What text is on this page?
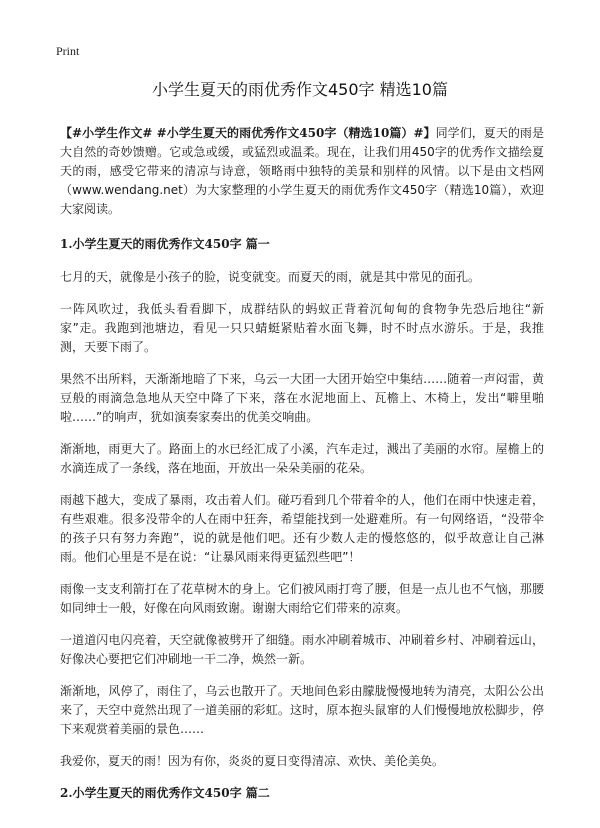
Print
小学生夏天的雨优秀作文450字 精选10篇

【#小学生作文# #小学生夏天的雨优秀作文450字（精选10篇）#】同学们，夏天的雨是大自然的奇妙馈赠。它或急或缓，或猛烈或温柔。现在，让我们用450字的优秀作文描绘夏天的雨，感受它带来的清凉与诗意，领略雨中独特的美景和别样的风情。以下是由文档网（www.wendang.net）为大家整理的小学生夏天的雨优秀作文450字（精选10篇），欢迎大家阅读。

1.小学生夏天的雨优秀作文450字 篇一

七月的天，就像是小孩子的脸，说变就变。而夏天的雨，就是其中常见的面孔。

一阵风吹过，我低头看看脚下，成群结队的蚂蚁正背着沉甸甸的食物争先恐后地往“新家”走。我跑到池塘边，看见一只只蜻蜓紧贴着水面飞舞，时不时点水游乐。于是，我推测，天要下雨了。

果然不出所料，天渐渐地暗了下来，乌云一大团一大团开始空中集结……随着一声闷雷，黄豆般的雨滴急急地从天空中降了下来，落在水泥地面上、瓦檐上、木椅上，发出“噼里啪啦……”的响声，犹如演奏家奏出的优美交响曲。

渐渐地，雨更大了。路面上的水已经汇成了小溪，汽车走过，溅出了美丽的水帘。屋檐上的水滴连成了一条线，落在地面，开放出一朵朵美丽的花朵。

雨越下越大，变成了暴雨，攻击着人们。碰巧看到几个带着伞的人，他们在雨中快速走着，有些艰难。很多没带伞的人在雨中狂奔，希望能找到一处避难所。有一句网络语，“没带伞的孩子只有努力奔跑”，说的就是他们吧。还有少数人走的慢悠悠的，似乎故意让自己淋雨。他们心里是不是在说：“让暴风雨来得更猛烈些吧”！

雨像一支支利箭打在了花草树木的身上。它们被风雨打弯了腰，但是一点儿也不气恼，那腰如同绅士一般，好像在向风雨致谢。谢谢大雨给它们带来的凉爽。

一道道闪电闪亮着，天空就像被劈开了细缝。雨水冲刷着城市、冲刷着乡村、冲刷着远山，好像决心要把它们冲刷地一干二净，焕然一新。

渐渐地，风停了，雨住了，乌云也散开了。天地间色彩由朦胧慢慢地转为清亮，太阳公公出来了，天空中竟然出现了一道美丽的彩虹。这时，原本抱头鼠窜的人们慢慢地放松脚步，停下来观赏着美丽的景色……

我爱你，夏天的雨！因为有你，炎炎的夏日变得清凉、欢快、美伦美奂。

2.小学生夏天的雨优秀作文450字 篇二
